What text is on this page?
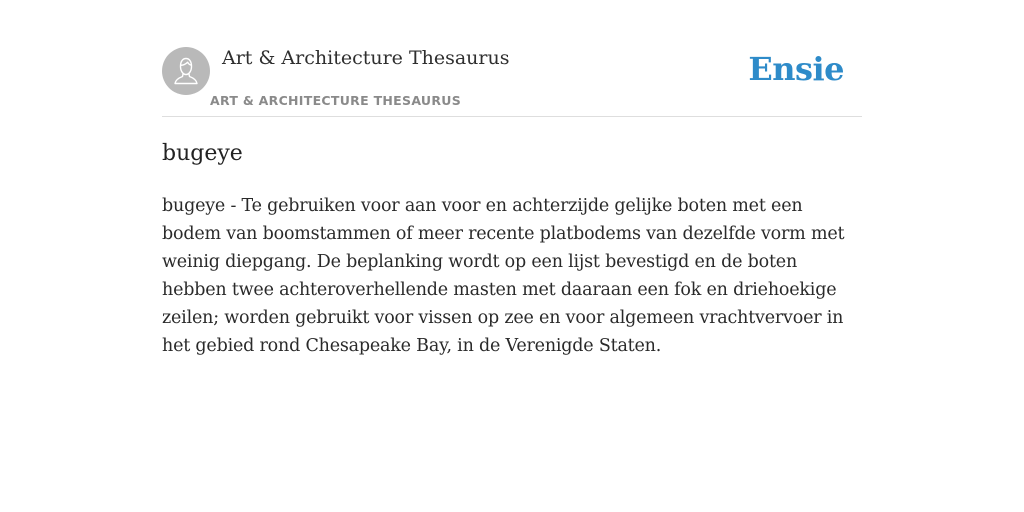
Art & Architecture Thesaurus
ART & ARCHITECTURE THESAURUS
Ensie
bugeye

bugeye - Te gebruiken voor aan voor en achterzijde gelijke boten met een bodem van boomstammen of meer recente platbodems van dezelfde vorm met weinig diepgang. De beplanking wordt op een lijst bevestigd en de boten hebben twee achteroverhellende masten met daaraan een fok en driehoekige zeilen; worden gebruikt voor vissen op zee en voor algemeen vrachtvervoer in het gebied rond Chesapeake Bay, in de Verenigde Staten.
